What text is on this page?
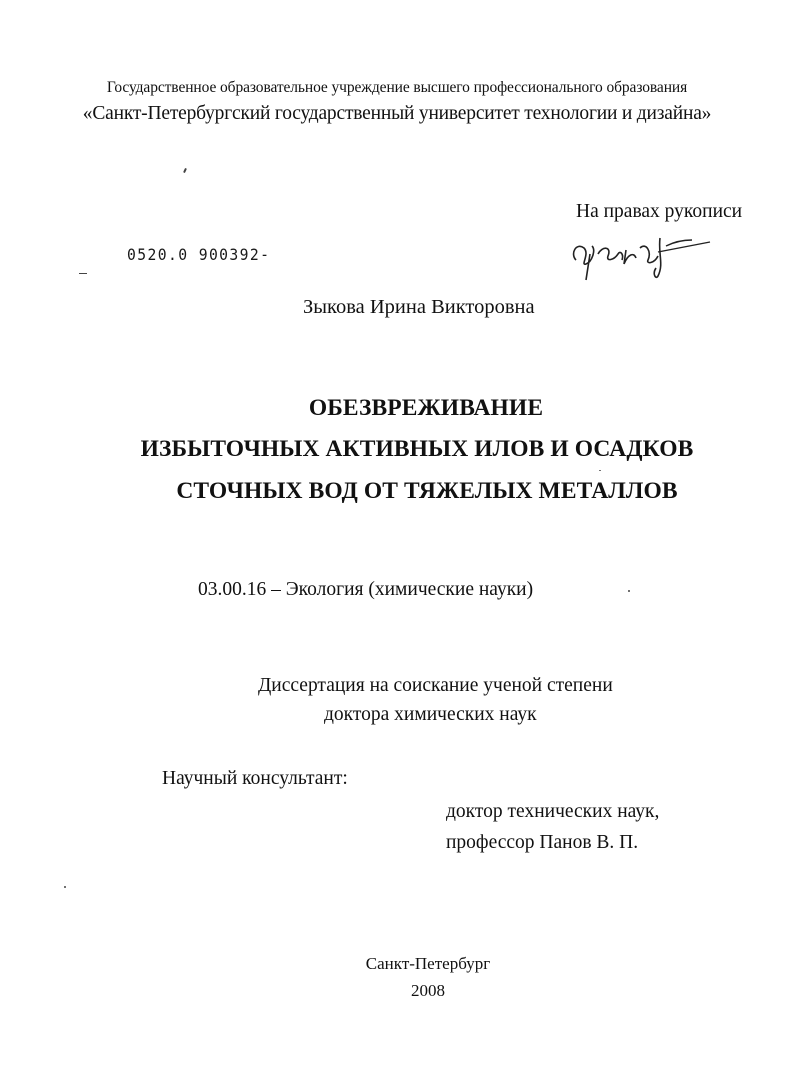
Государственное образовательное учреждение высшего профессионального образования
«Санкт-Петербургский государственный университет технологии и дизайна»
На правах рукописи
0520.0 900392-
Зыкова Ирина Викторовна
ОБЕЗВРЕЖИВАНИЕ
ИЗБЫТОЧНЫХ АКТИВНЫХ ИЛОВ И ОСАДКОВ
СТОЧНЫХ ВОД ОТ ТЯЖЕЛЫХ МЕТАЛЛОВ
03.00.16 – Экология (химические науки)
Диссертация на соискание ученой степени
доктора химических наук
Научный консультант:
доктор технических наук,
профессор Панов В. П.
Санкт-Петербург
2008
